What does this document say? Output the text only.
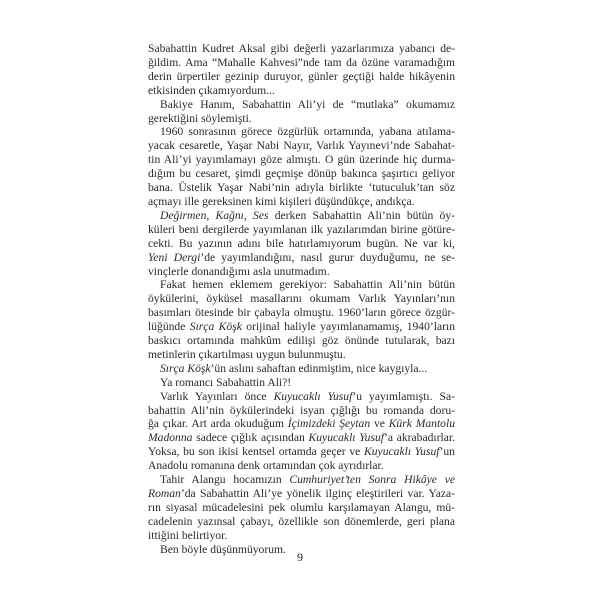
Sabahattin Kudret Aksal gibi değerli yazarlarımıza yabancı de-
ğildim. Ama “Mahalle Kahvesi”nde tam da özüne varamadığım
derin ürpertiler gezinip duruyor, günler geçtiği halde hikâyenin
etkisinden çıkamıyordum...

Bakiye Hanım, Sabahattin Ali’yi de “mutlaka” okumamız
gerektiğini söylemişti.

1960 sonrasının görece özgürlük ortamında, yabana atılama-
yacak cesaretle, Yaşar Nabi Nayır, Varlık Yayınevi’nde Sabahat-
tin Ali’yi yayımlamayı göze almıştı. O gün üzerinde hiç durma-
dığım bu cesaret, şimdi geçmişe dönüp bakınca şaşırtıcı geliyor
bana. Üstelik Yaşar Nabi’nin adıyla birlikte ‘tutuculuk’tan söz
açmayı ille gereksinen kimi kişileri düşündükçe, andıkça.

Değirmen, Kağnı, Ses derken Sabahattin Ali’nin bütün öy-
küleri beni dergilerde yayımlanan ilk yazılarımdan birine götüre-
cekti. Bu yazının adını bile hatırlamıyorum bugün. Ne var ki,
Yeni Dergi’de yayımlandığını, nasıl gurur duyduğumu, ne se-
vinçlerle donandığımı asla unutmadım.

Fakat hemen eklemem gerekiyor: Sabahattin Ali’nin bütün
öykülerini, öyküsel masallarını okumam Varlık Yayınları’nın
basımları ötesinde bir çabayla olmuştu. 1960’ların görece özgür-
lüğünde Sırça Köşk orijinal haliyle yayımlanamamış, 1940’ların
baskıcı ortamında mahkûm edilişi göz önünde tutularak, bazı
metinlerin çıkartılması uygun bulunmuştu.

Sırça Köşk’ün aslını sahaftan edinmiştim, nice kaygıyla...

Ya romancı Sabahattin Ali?!

Varlık Yayınları önce Kuyucaklı Yusuf’u yayımlamıştı. Sa-
bahattin Ali’nin öykülerindeki isyan çığlığı bu romanda doru-
ğa çıkar. Art arda okuduğum İçimizdeki Şeytan ve Kürk Mantolu
Madonna sadece çığlık açısından Kuyucaklı Yusuf’a akrabadırlar.
Yoksa, bu son ikisi kentsel ortamda geçer ve Kuyucaklı Yusuf’un
Anadolu romanına denk ortamından çok ayrıdırlar.

Tahir Alangu hocamızın Cumhuriyet’ten Sonra Hikâye ve
Roman’da Sabahattin Ali’ye yönelik ilginç eleştirileri var. Yaza-
rın siyasal mücadelesini pek olumlu karşılamayan Alangu, mü-
cadelenin yazınsal çabayı, özellikle son dönemlerde, geri plana
ittiğini belirtiyor.

Ben böyle düşünmüyorum.

9
